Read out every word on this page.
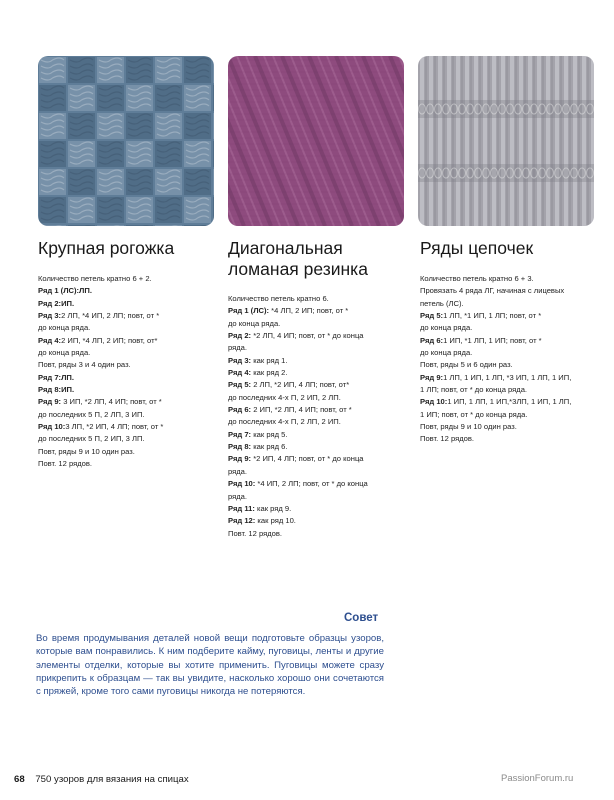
Крупная рогожка
Количество петель кратно 6 + 2.
Ряд 1 (ЛС):ЛП.
Ряд 2:ИП.
Ряд 3:2 ЛП, *4 ИП, 2 ЛП; повт, от *
до конца ряда.
Ряд 4:2 ИП, *4 ЛП, 2 ИП; повт, от*
до конца ряда.
Повт, ряды 3 и 4 один раз.
Ряд 7:ЛП.
Ряд 8:ИП.
Ряд 9: 3 ИП, *2 ЛП, 4 ИП; повт, от *
до последних 5 П, 2 ЛП, 3 ИП.
Ряд 10:3 ЛП, *2 ИП, 4 ЛП; повт, от *
до последних 5 П, 2 ИП, 3 ЛП.
Повт, ряды 9 и 10 один раз.
Повт. 12 рядов.
Диагональная
ломаная резинка
Количество петель кратно 6.
Ряд 1 (ЛС): *4 ЛП, 2 ИП; повт, от *
до конца ряда.
Ряд 2: *2 ЛП, 4 ИП; повт, от * до конца
ряда.
Ряд 3: как ряд 1.
Ряд 4: как ряд 2.
Ряд 5: 2 ЛП, *2 ИП, 4 ЛП; повт, от*
до последних 4-х П, 2 ИП, 2 ЛП.
Ряд 6: 2 ИП, *2 ЛП, 4 ИП; повт, от *
до последних 4-х П, 2 ЛП, 2 ИП.
Ряд 7: как ряд 5.
Ряд 8: как ряд 6.
Ряд 9: *2 ИП, 4 ЛП; повт, от * до конца
ряда.
Ряд 10: *4 ИП, 2 ЛП; повт, от * до конца
ряда.
Ряд 11: как ряд 9.
Ряд 12: как ряд 10.
Повт. 12 рядов.
Ряды цепочек
Количество петель кратно 6 + 3.
Провязать 4 ряда ЛГ, начиная с лицевых
петель (ЛС).
Ряд 5:1 ЛП, *1 ИП, 1 ЛП; повт, от *
до конца ряда.
Ряд 6:1 ИП, *1 ЛП, 1 ИП; повт, от *
до конца ряда.
Повт, ряды 5 и 6 один раз.
Ряд 9:1 ЛП, 1 ИП, 1 ЛП, *3 ИП, 1 ЛП, 1 ИП,
1 ЛП; повт, от * до конца ряда.
Ряд 10:1 ИП, 1 ЛП, 1 ИП,*3ЛП, 1 ИП, 1 ЛП,
1 ИП; повт, от * до конца ряда.
Повт, ряды 9 и 10 один раз.
Повт. 12 рядов.
Совет
Во время продумывания деталей новой вещи подготовьте образцы узоров, которые вам понравились. К ним подберите кайму, пуговицы, ленты и другие элементы отделки, которые вы хотите применить. Пуговицы можете сразу прикрепить к образцам — так вы увидите, насколько хорошо они сочетаются с пряжей, кроме того сами пуговицы никогда не потеряются.
68 750 узоров для вязания на спицах	PassionForum.ru
